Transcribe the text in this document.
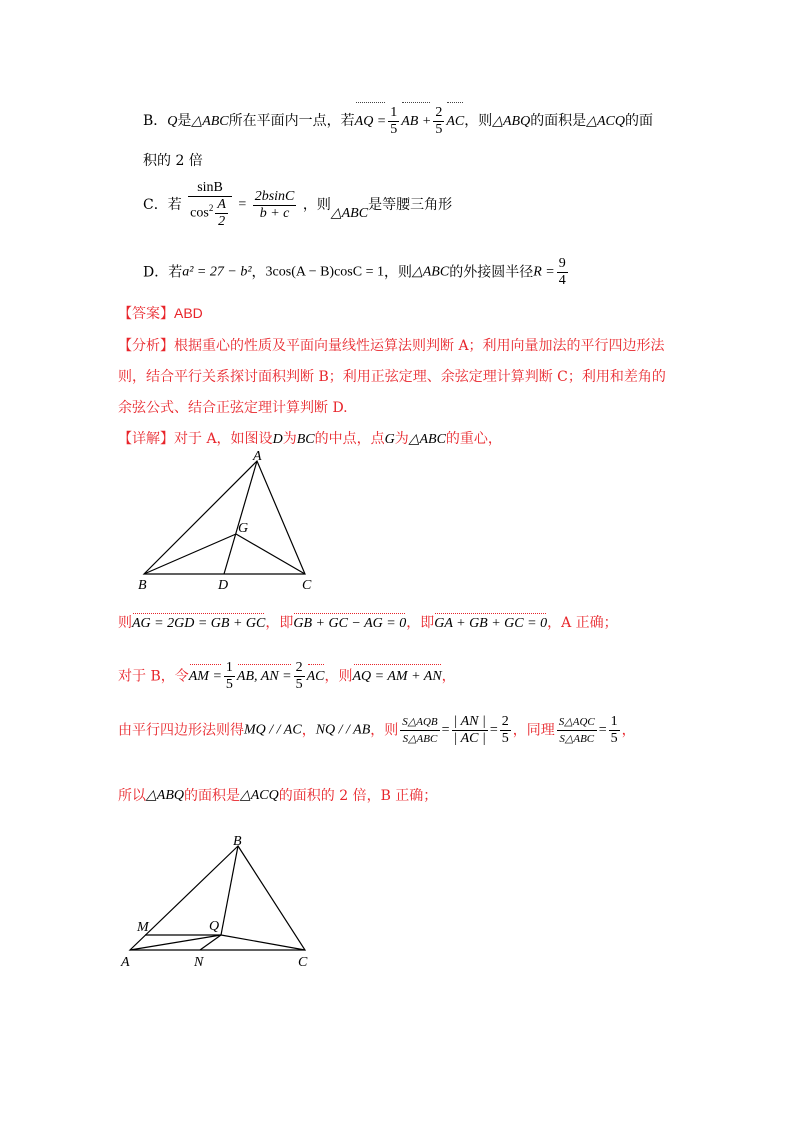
B．Q是△ABC所在平面内一点，若AQ = $\frac{1}{5}$ AB + $\frac{2}{5}$ AC，则△ABQ的面积是△ACQ的面
积的 2 倍
C．若 $\frac{\sin B}{\cos^2 \frac{A}{2}} = \frac{2bsinC}{b + c}$ ，则△ABC是等腰三角形
D．若a² = 27 − b²，3cos(A − B)cosC = 1，则△ABC的外接圆半径$R = \frac{9}{4}$
【答案】ABD
【分析】根据重心的性质及平面向量线性运算法则判断 A；利用向量加法的平行四边形法
则，结合平行关系探讨面积判断 B；利用正弦定理、余弦定理计算判断 C；利用和差角的
余弦公式、结合正弦定理计算判断 D.
【详解】对于 A，如图设D为BC的中点，点G为△ABC的重心，
A
G
B	D	C
则AG = 2GD = GB + GC，即GB + GC − AG = 0，即GA + GB + GC = 0，A 正确；
对于 B，令AM = $\frac{1}{5}$ AB, AN = $\frac{2}{5}$ AC，则AQ = AM + AN，
由平行四边形法则得MQ / / AC，NQ / / AB，则 $\frac{\text{S△AQB}}{\text{S△ABC}} = \frac{| AN |}{| AC |} = \frac{2}{5}$ ，同理 $\frac{\text{S△AQC}}{\text{S△ABC}} = \frac{1}{5}$ ，
所以△ABQ的面积是△ACQ的面积的 2 倍，B 正确；
B
Q
M
A	N	C
